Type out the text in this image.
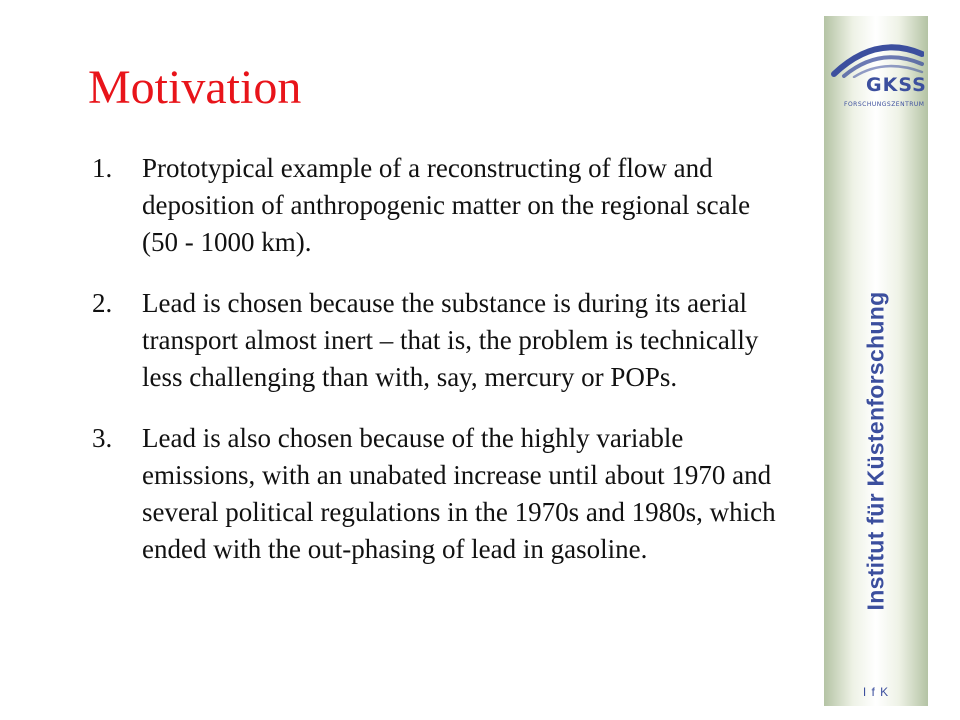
Motivation
1.	Prototypical example of a reconstructing of flow and deposition of anthropogenic matter on the regional scale (50 - 1000 km).
2.	Lead is chosen because the substance is during its aerial transport almost inert – that is, the problem is technically less challenging than with, say, mercury or POPs.
3.	Lead is also chosen because of the highly variable emissions, with an unabated increase until about 1970 and several political regulations in the 1970s and 1980s, which ended with the out-phasing of lead in gasoline.

GKSS

FORSCHUNGSZENTRUM

Institut für Küstenforschung

I f K
